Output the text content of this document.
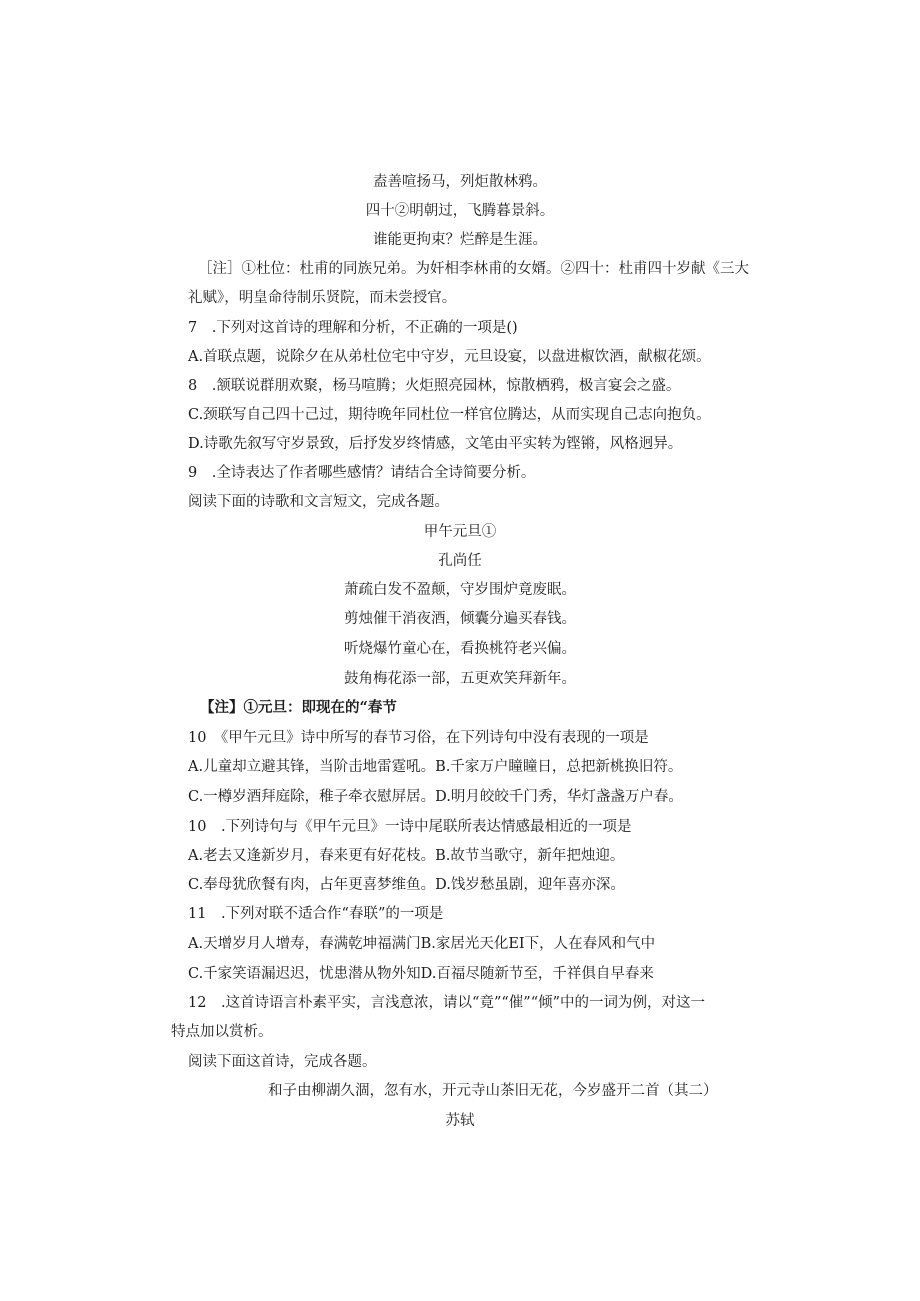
盍善喧扬马，列炬散林鸦。
四十②明朝过，飞腾暮景斜。
谁能更拘束？烂醉是生涯。
［注］①杜位：杜甫的同族兄弟。为奸相李林甫的女婿。②四十：杜甫四十岁献《三大
礼赋》，明皇命待制乐贤院，而未尝授官。
7　.下列对这首诗的理解和分析，不正确的一项是()
A.首联点题，说除夕在从弟杜位宅中守岁，元旦设宴，以盘进椒饮酒，献椒花颂。
8　.颔联说群朋欢聚，杨马喧腾；火炬照亮园林，惊散栖鸦，极言宴会之盛。
C.颈联写自己四十己过，期待晚年同杜位一样官位腾达，从而实现自己志向抱负。
D.诗歌先叙写守岁景致，后抒发岁终情感，文笔由平实转为铿锵，风格迥异。
9　.全诗表达了作者哪些感情？请结合全诗简要分析。
阅读下面的诗歌和文言短文，完成各题。
甲午元旦①
孔尚任
萧疏白发不盈颠，守岁围炉竟废眠。
剪烛催干消夜酒，倾囊分遍买春钱。
听烧爆竹童心在，看换桃符老兴偏。
鼓角梅花添一部，五更欢笑拜新年。
【注】①元旦：即现在的“春节
10　《甲午元旦》诗中所写的春节习俗，在下列诗句中没有表现的一项是
A.儿童却立避其锋，当阶击地雷霆吼。B.千家万户瞳瞳日，总把新桃换旧符。
C.一樽岁酒拜庭除，稚子牵衣慰屏居。D.明月皎皎千门秀，华灯盏盏万户春。
10　.下列诗句与《甲午元旦》一诗中尾联所表达情感最相近的一项是
A.老去又逢新岁月，春来更有好花枝。B.故节当歌守，新年把烛迎。
C.奉母犹欣餐有肉，占年更喜梦维鱼。D.饯岁愁虽剧，迎年喜亦深。
11　.下列对联不适合作“春联”的一项是
A.天增岁月人增寿，春满乾坤福满门B.家居光天化EI下，人在春风和气中
C.千家笑语漏迟迟，忧患潜从物外知D.百福尽随新节至，千祥俱自早春来
12　.这首诗语言朴素平实，言浅意浓，请以“竟”“催”“倾”中的一词为例，对这一
特点加以赏析。
阅读下面这首诗，完成各题。
和子由柳湖久涸，忽有水，开元寺山茶旧无花，今岁盛开二首（其二）
苏轼
